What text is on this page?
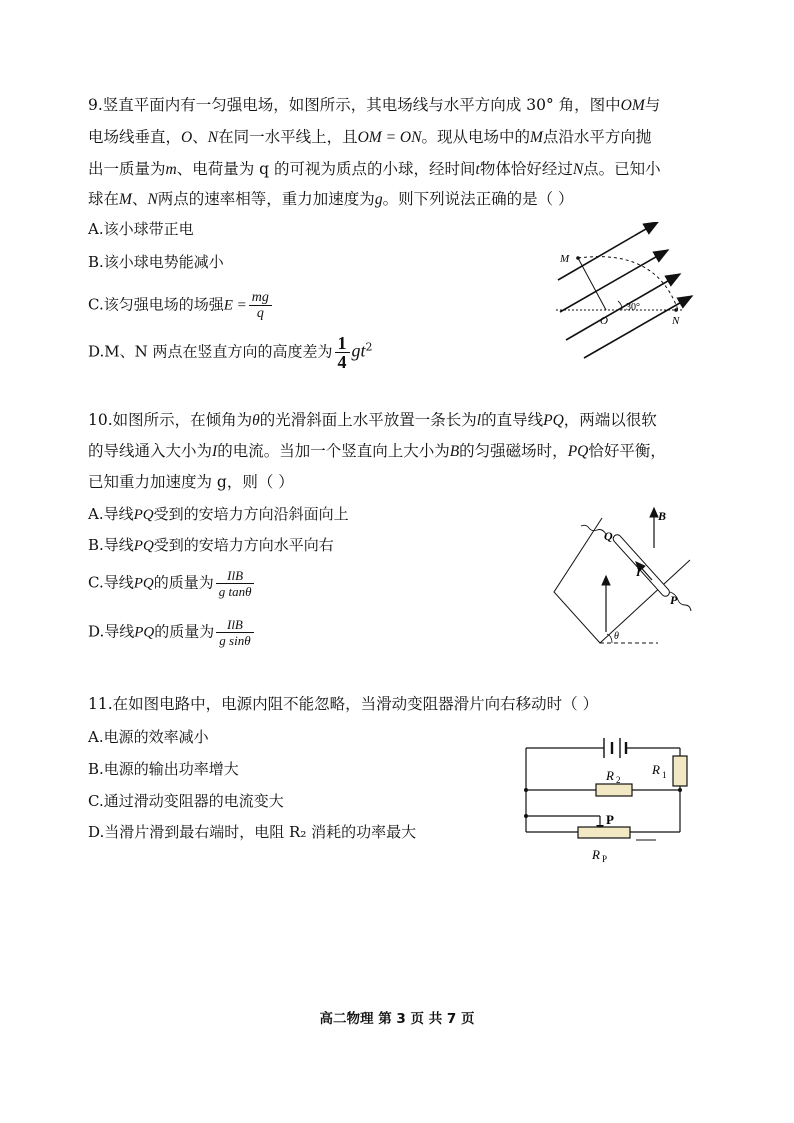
9.竖直平面内有一匀强电场，如图所示，其电场线与水平方向成 30° 角，图中OM与
电场线垂直，O、N在同一水平线上，且OM = ON。现从电场中的M点沿水平方向抛
出一质量为m、电荷量为 q 的可视为质点的小球，经时间t物体恰好经过N点。已知小
球在M、N两点的速率相等，重力加速度为g。则下列说法正确的是（ ）
A.该小球带正电
B.该小球电势能减小
C.该匀强电场的场强$E = \frac{mg}{q}$
D.M、N 两点在竖直方向的高度差为 $\frac{1}{4} gt^2$
M
O	N
30°
10.如图所示，在倾角为θ的光滑斜面上水平放置一条长为l的直导线PQ，两端以很软
的导线通入大小为I的电流。当加一个竖直向上大小为B的匀强磁场时，PQ恰好平衡，
已知重力加速度为 g，则（ ）
A.导线PQ受到的安培力方向沿斜面向上
B.导线PQ受到的安培力方向水平向右
C.导线PQ的质量为 $\frac{\text{IlB}}{\text{g tanθ}}$
D.导线PQ的质量为 $\frac{\text{IlB}}{\text{g sinθ}}$	θ
B
I
Q
P
11.在如图电路中，电源内阻不能忽略，当滑动变阻器滑片向右移动时（ ）
A.电源的效率减小
B.电源的输出功率增大
C.通过滑动变阻器的电流变大
D.当滑片滑到最右端时，电阻 R₂ 消耗的功率最大
R 1
R 2
P
R P
高二物理 第 3 页 共 7 页
